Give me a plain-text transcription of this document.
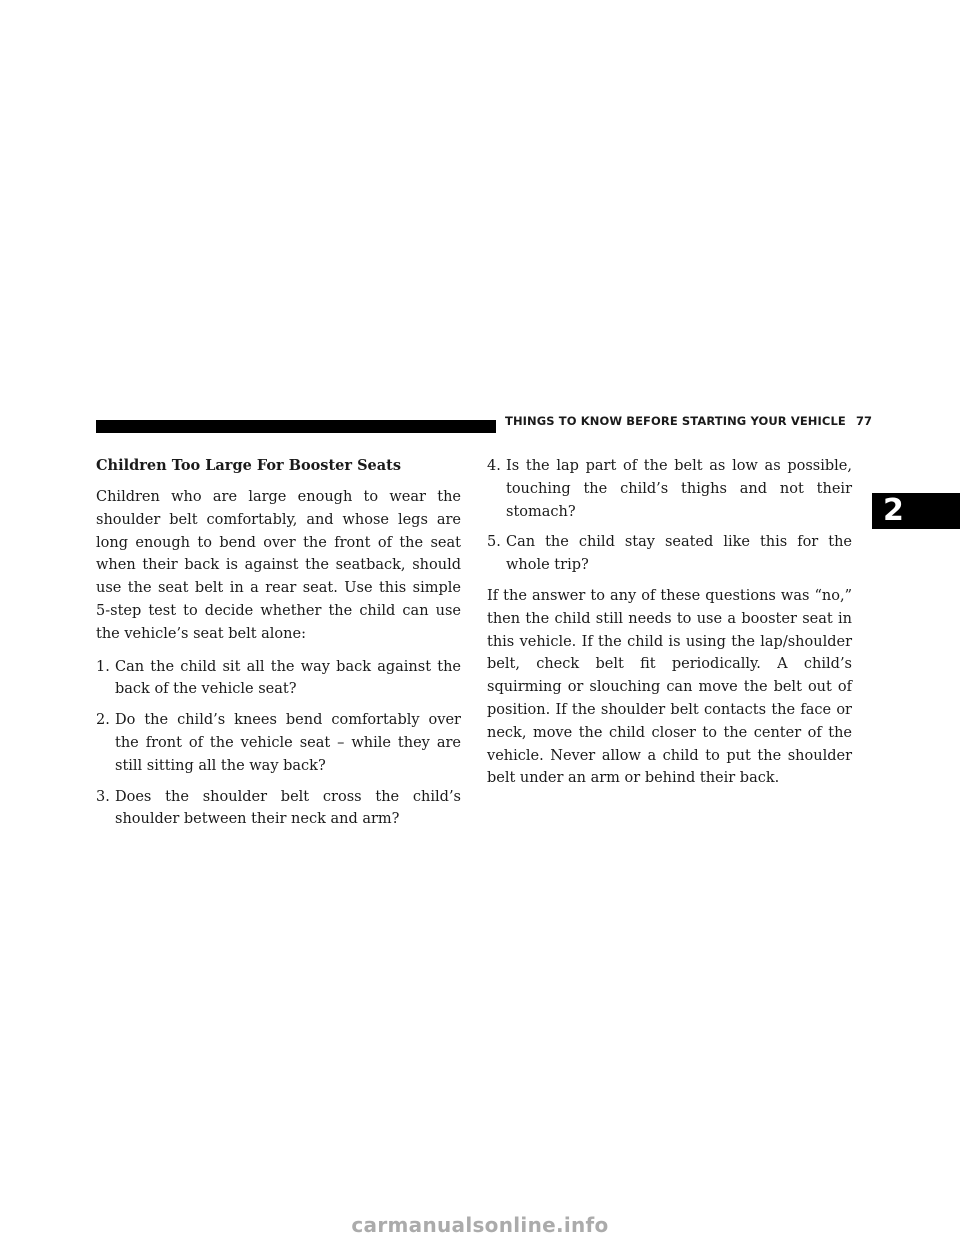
THINGS TO KNOW BEFORE STARTING YOUR VEHICLE 77
2
Children Too Large For Booster Seats

Children who are large enough to wear the shoulder belt comfortably, and whose legs are long enough to bend over the front of the seat when their back is against the seatback, should use the seat belt in a rear seat. Use this simple 5-step test to decide whether the child can use the vehicle’s seat belt alone:

1. Can the child sit all the way back against the back of the vehicle seat?
2. Do the child’s knees bend comfortably over the front of the vehicle seat – while they are still sitting all the way back?
3. Does the shoulder belt cross the child’s shoulder between their neck and arm?
4. Is the lap part of the belt as low as possible, touching the child’s thighs and not their stomach?
5. Can the child stay seated like this for the whole trip?

If the answer to any of these questions was “no,” then the child still needs to use a booster seat in this vehicle. If the child is using the lap/shoulder belt, check belt fit periodically. A child’s squirming or slouching can move the belt out of position. If the shoulder belt contacts the face or neck, move the child closer to the center of the vehicle. Never allow a child to put the shoulder belt under an arm or behind their back.

carmanualsonline.info
